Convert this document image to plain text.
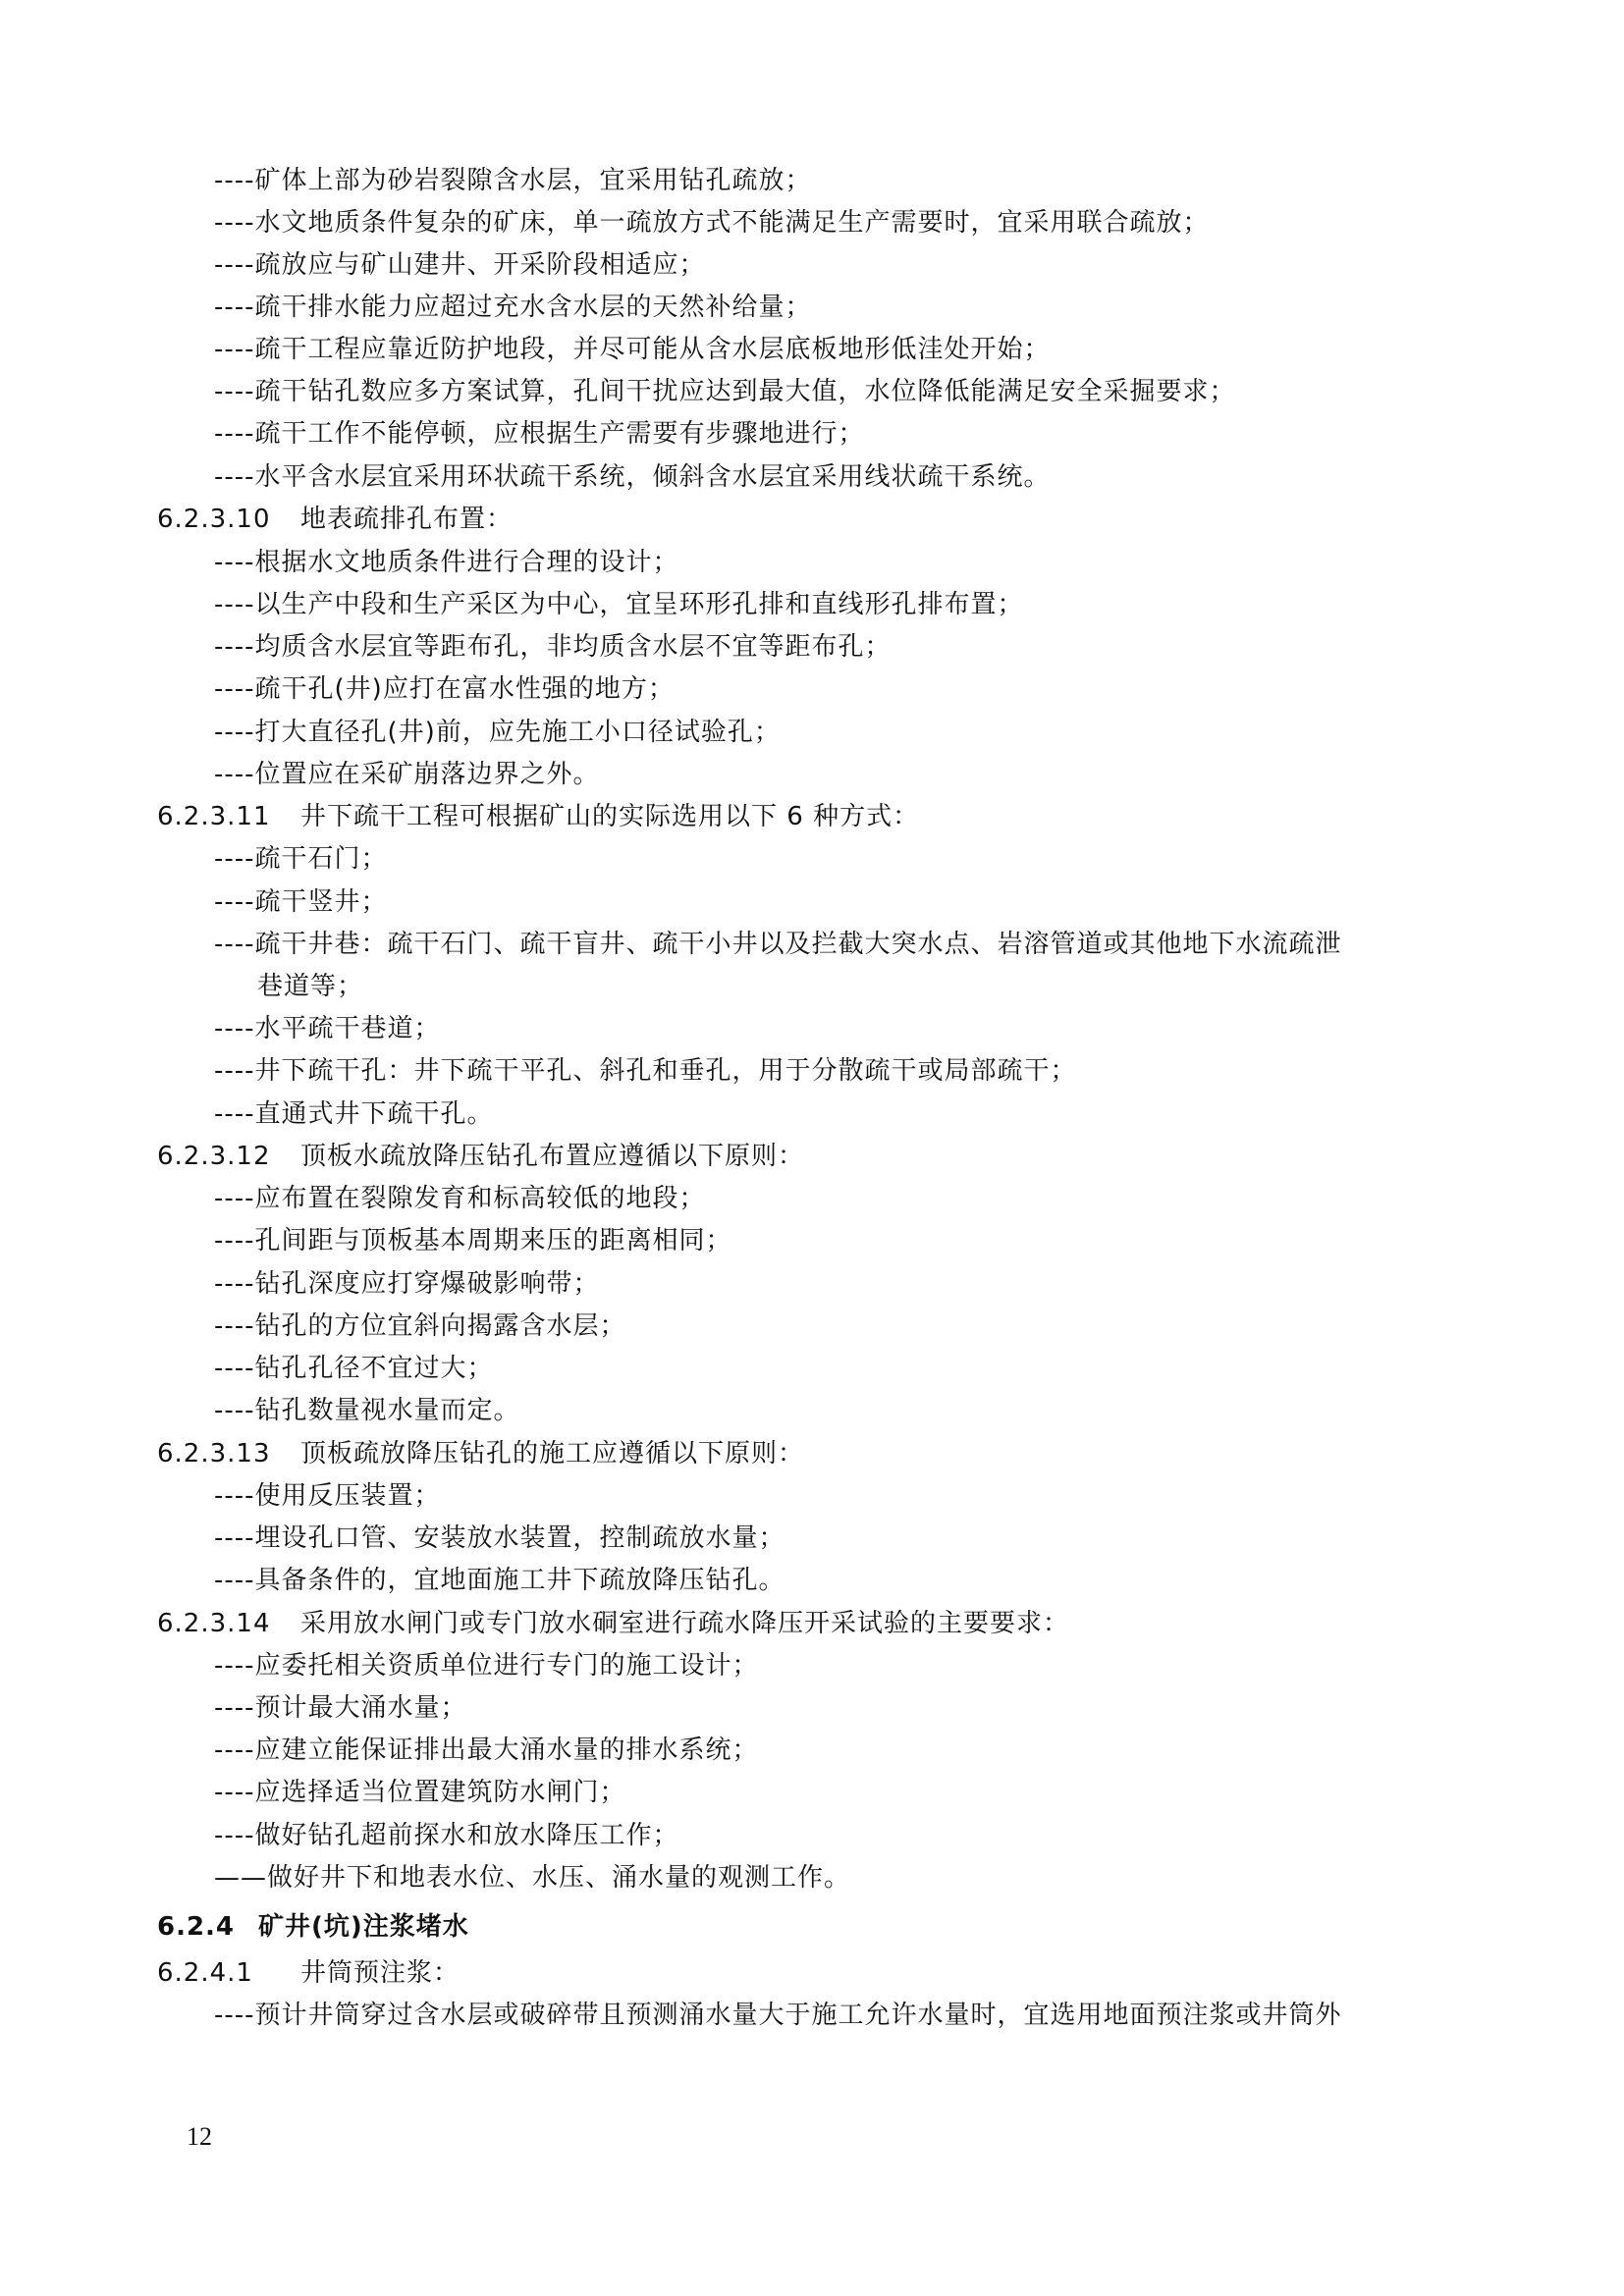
----矿体上部为砂岩裂隙含水层，宜采用钻孔疏放；
----水文地质条件复杂的矿床，单一疏放方式不能满足生产需要时，宜采用联合疏放；
----疏放应与矿山建井、开采阶段相适应；
----疏干排水能力应超过充水含水层的天然补给量；
----疏干工程应靠近防护地段，并尽可能从含水层底板地形低洼处开始；
----疏干钻孔数应多方案试算，孔间干扰应达到最大值，水位降低能满足安全采掘要求；
----疏干工作不能停顿，应根据生产需要有步骤地进行；
----水平含水层宜采用环状疏干系统，倾斜含水层宜采用线状疏干系统。
6.2.3.10 地表疏排孔布置：
----根据水文地质条件进行合理的设计；
----以生产中段和生产采区为中心，宜呈环形孔排和直线形孔排布置；
----均质含水层宜等距布孔，非均质含水层不宜等距布孔；
----疏干孔(井)应打在富水性强的地方；
----打大直径孔(井)前，应先施工小口径试验孔；
----位置应在采矿崩落边界之外。
6.2.3.11 井下疏干工程可根据矿山的实际选用以下 6 种方式：
----疏干石门；
----疏干竖井；
----疏干井巷：疏干石门、疏干盲井、疏干小井以及拦截大突水点、岩溶管道或其他地下水流疏泄
巷道等；
----水平疏干巷道；
----井下疏干孔：井下疏干平孔、斜孔和垂孔，用于分散疏干或局部疏干；
----直通式井下疏干孔。
6.2.3.12 顶板水疏放降压钻孔布置应遵循以下原则：
----应布置在裂隙发育和标高较低的地段；
----孔间距与顶板基本周期来压的距离相同；
----钻孔深度应打穿爆破影响带；
----钻孔的方位宜斜向揭露含水层；
----钻孔孔径不宜过大；
----钻孔数量视水量而定。
6.2.3.13 顶板疏放降压钻孔的施工应遵循以下原则：
----使用反压装置；
----埋设孔口管、安装放水装置，控制疏放水量；
----具备条件的，宜地面施工井下疏放降压钻孔。
6.2.3.14 采用放水闸门或专门放水硐室进行疏水降压开采试验的主要要求：
----应委托相关资质单位进行专门的施工设计；
----预计最大涌水量；
----应建立能保证排出最大涌水量的排水系统；
----应选择适当位置建筑防水闸门；
----做好钻孔超前探水和放水降压工作；
——做好井下和地表水位、水压、涌水量的观测工作。
6.2.4 矿井(坑)注浆堵水
6.2.4.1 井筒预注浆：
----预计井筒穿过含水层或破碎带且预测涌水量大于施工允许水量时，宜选用地面预注浆或井筒外
12
